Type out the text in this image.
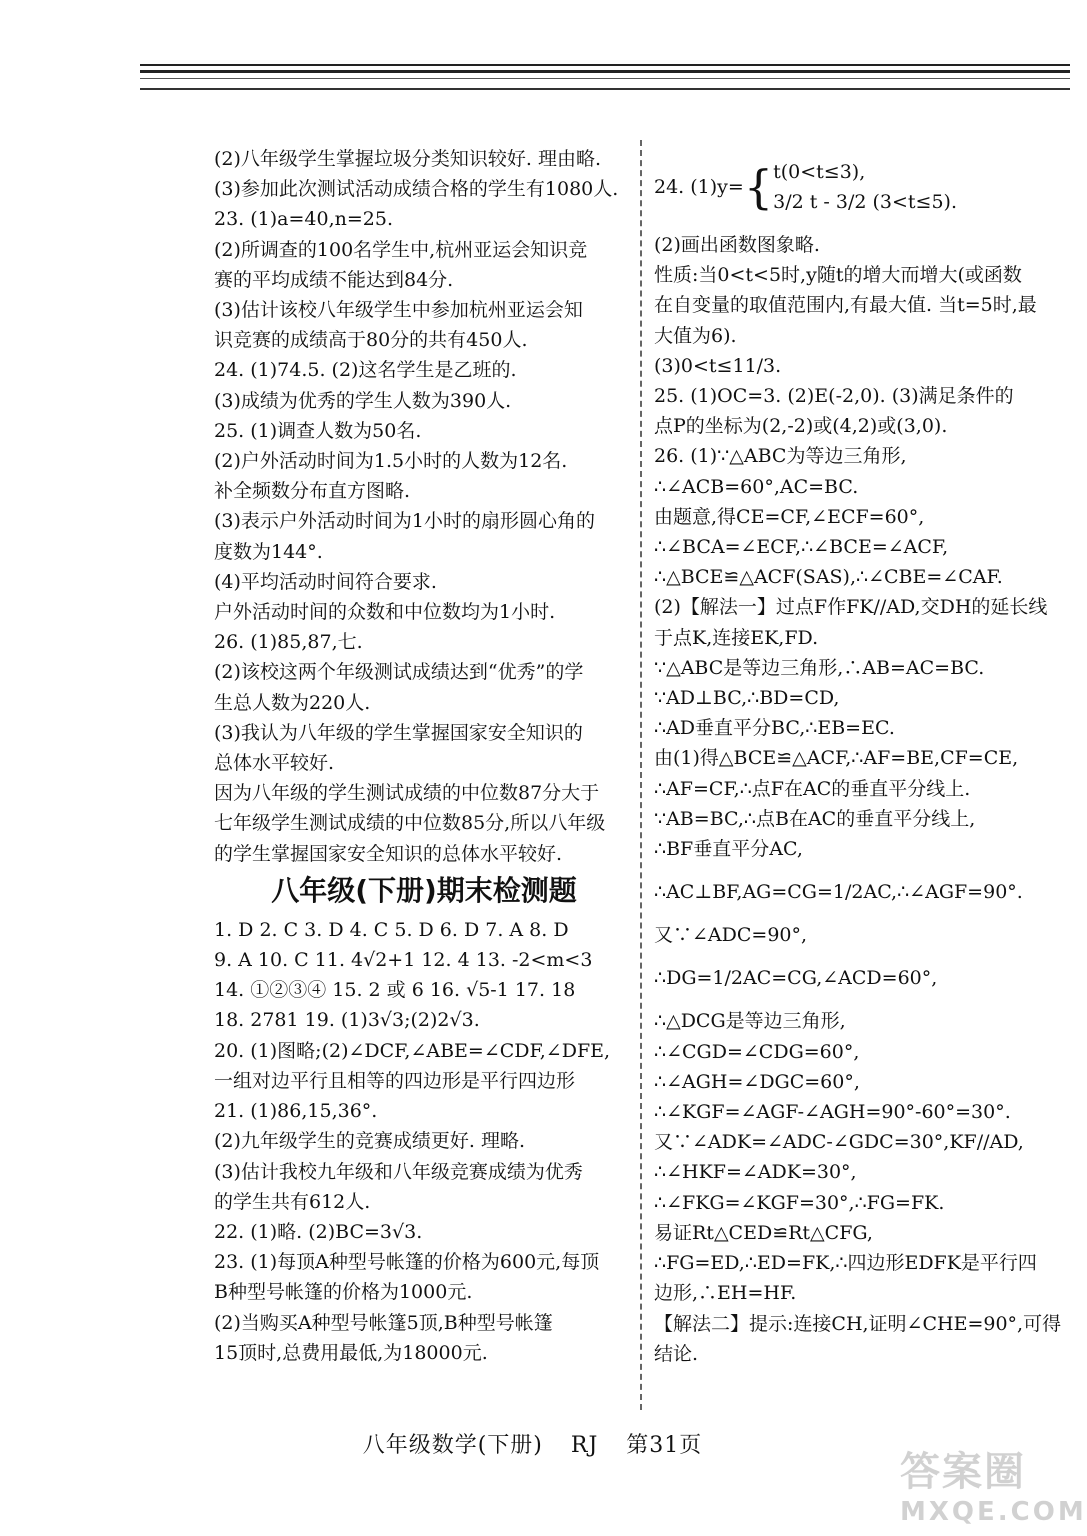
(2)八年级学生掌握垃圾分类知识较好. 理由略.
(3)参加此次测试活动成绩合格的学生有1080人.
23. (1)a=40,n=25.
(2)所调查的100名学生中,杭州亚运会知识竞
赛的平均成绩不能达到84分.
(3)估计该校八年级学生中参加杭州亚运会知
识竞赛的成绩高于80分的共有450人.
24. (1)74.5. (2)这名学生是乙班的.
(3)成绩为优秀的学生人数为390人.
25. (1)调查人数为50名.
(2)户外活动时间为1.5小时的人数为12名.
补全频数分布直方图略.
(3)表示户外活动时间为1小时的扇形圆心角的
度数为144°.
(4)平均活动时间符合要求.
户外活动时间的众数和中位数均为1小时.
26. (1)85,87,七.
(2)该校这两个年级测试成绩达到“优秀”的学
生总人数为220人.
(3)我认为八年级的学生掌握国家安全知识的
总体水平较好.
因为八年级的学生测试成绩的中位数87分大于
七年级学生测试成绩的中位数85分,所以八年级
的学生掌握国家安全知识的总体水平较好.
八年级(下册)期末检测题
1. D 2. C 3. D 4. C 5. D 6. D 7. A 8. D
9. A 10. C 11. 4√2+1 12. 4 13. -2<m<3
14. ①②③④ 15. 2 或 6 16. √5-1 17. 18
18. 2781 19. (1)3√3;(2)2√3.
20. (1)图略;(2)∠DCF,∠ABE=∠CDF,∠DFE,
一组对边平行且相等的四边形是平行四边形
21. (1)86,15,36°.
(2)九年级学生的竞赛成绩更好. 理略.
(3)估计我校九年级和八年级竞赛成绩为优秀
的学生共有612人.
22. (1)略. (2)BC=3√3.
23. (1)每顶A种型号帐篷的价格为600元,每顶
B种型号帐篷的价格为1000元.
(2)当购买A种型号帐篷5顶,B种型号帐篷
15顶时,总费用最低,为18000元.
24. (1)y= { t(0<t≤3),
3/2 t - 3/2 (3<t≤5).
(2)画出函数图象略.
性质:当0<t<5时,y随t的增大而增大(或函数
在自变量的取值范围内,有最大值. 当t=5时,最
大值为6).
(3)0<t≤11/3.
25. (1)OC=3. (2)E(-2,0). (3)满足条件的
点P的坐标为(2,-2)或(4,2)或(3,0).
26. (1)∵△ABC为等边三角形,
∴∠ACB=60°,AC=BC.
由题意,得CE=CF,∠ECF=60°,
∴∠BCA=∠ECF,∴∠BCE=∠ACF,
∴△BCE≌△ACF(SAS),∴∠CBE=∠CAF.
(2)【解法一】过点F作FK//AD,交DH的延长线
于点K,连接EK,FD.
∵△ABC是等边三角形,∴AB=AC=BC.
∵AD⊥BC,∴BD=CD,
∴AD垂直平分BC,∴EB=EC.
由(1)得△BCE≌△ACF,∴AF=BE,CF=CE,
∴AF=CF,∴点F在AC的垂直平分线上.
∵AB=BC,∴点B在AC的垂直平分线上,
∴BF垂直平分AC,
∴AC⊥BF,AG=CG=1/2AC,∴∠AGF=90°.
又∵∠ADC=90°,
∴DG=1/2AC=CG,∠ACD=60°,
∴△DCG是等边三角形,
∴∠CGD=∠CDG=60°,
∴∠AGH=∠DGC=60°,
∴∠KGF=∠AGF-∠AGH=90°-60°=30°.
又∵∠ADK=∠ADC-∠GDC=30°,KF//AD,
∴∠HKF=∠ADK=30°,
∴∠FKG=∠KGF=30°,∴FG=FK.
易证Rt△CED≌Rt△CFG,
∴FG=ED,∴ED=FK,∴四边形EDFK是平行四
边形,∴EH=HF.
【解法二】提示:连接CH,证明∠CHE=90°,可得
结论.
八年级数学(下册) RJ 第31页
答案圈
MXQE.COM
